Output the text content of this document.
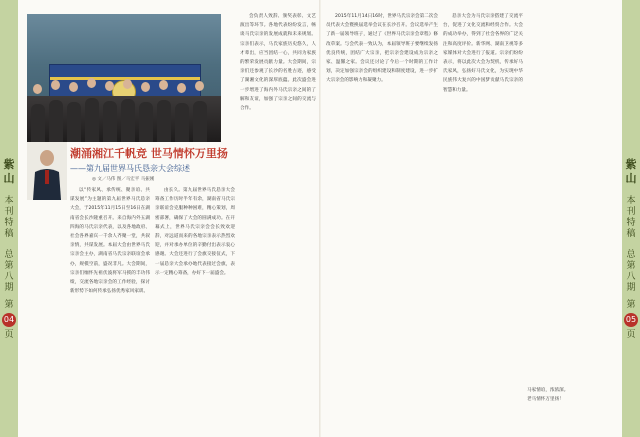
紫
山
本
刊
特
稿
总
第
八
期
第
04
页
紫
山
本
刊
特
稿
总
第
八
期
第
05
页
潮涌湘江千帆竞 世马情怀万里扬
——第九届世界马氏恳亲大会综述
◎ 文／马伟 图／马宏平 马振刚

以“传家风、承传统、聚亲谊、共谋发展”为主题的第九届世界马氏恳亲大会，于2015年11月15日至16日在湖南省会长沙隆重召开。来自海内外五湖四海的马氏宗亲代表，以及各地政府、社会各界嘉宾一千余人齐聚一堂，共叙亲情，共谋发展。本届大会由世界马氏宗亲会主办，湖南省马氏宗亲联谊会承办，规模空前，盛况非凡。大会期间，宗亲们缅怀先祖伏波将军马援的丰功伟绩，交流各地宗亲会的工作经验，探讨新形势下如何传承弘扬优秀家风家训。

由长久。第九届世界马氏恳亲大会筹备工作历时半年有余，湖南省马氏宗亲联谊会克服种种困难，精心策划，周密部署，确保了大会的圆满成功。在开幕式上，世界马氏宗亲会会长致欢迎辞，对远道而来的各地宗亲表示热烈欢迎，并对承办单位的辛勤付出表示衷心感谢。大会还进行了会旗交接仪式，下一届恳亲大会承办地代表接过会旗，表示一定精心筹备，办好下一届盛会。

会负责人致辞、颁奖表彰、文艺演出等环节。各地代表纷纷发言，畅谈马氏宗亲的发展成就和未来规划。宗亲们表示，马氏家族历史悠久，人才辈出，应当团结一心，共同为家族的繁荣发展贡献力量。大会期间，宗亲们还参观了长沙的名胜古迹，感受了湖湘文化的深厚底蕴。此次盛会进一步增进了海内外马氏宗亲之间的了解和友谊，加强了宗亲之间的交流与合作。

2015年11月14日16时，世界马氏宗亲会第二次会员代表大会暨换届选举会议在长沙召开。会议选举产生了新一届领导班子，通过了《世界马氏宗亲会章程》修改草案。与会代表一致认为，本届领导班子要继续发扬优良传统，团结广大宗亲，把宗亲会建设成为宗亲之家、温馨之家。会议还讨论了今后一个时期的工作计划，决定加强宗亲会的组织建设和制度建设，进一步扩大宗亲会的影响力和凝聚力。

恳亲大会为马氏宗亲搭建了交流平台，促进了文化交流和经贸合作。大会的成功举办，得到了社会各界的广泛关注和高度评价。新华网、湖南卫视等多家媒体对大会进行了报道。宗亲们纷纷表示，将以此次大会为契机，传承好马氏家风，弘扬好马氏文化，为实现中华民族伟大复兴的中国梦贡献马氏宗亲的智慧和力量。

马家情谊，浓浓深。
老马情怀万里扬！
